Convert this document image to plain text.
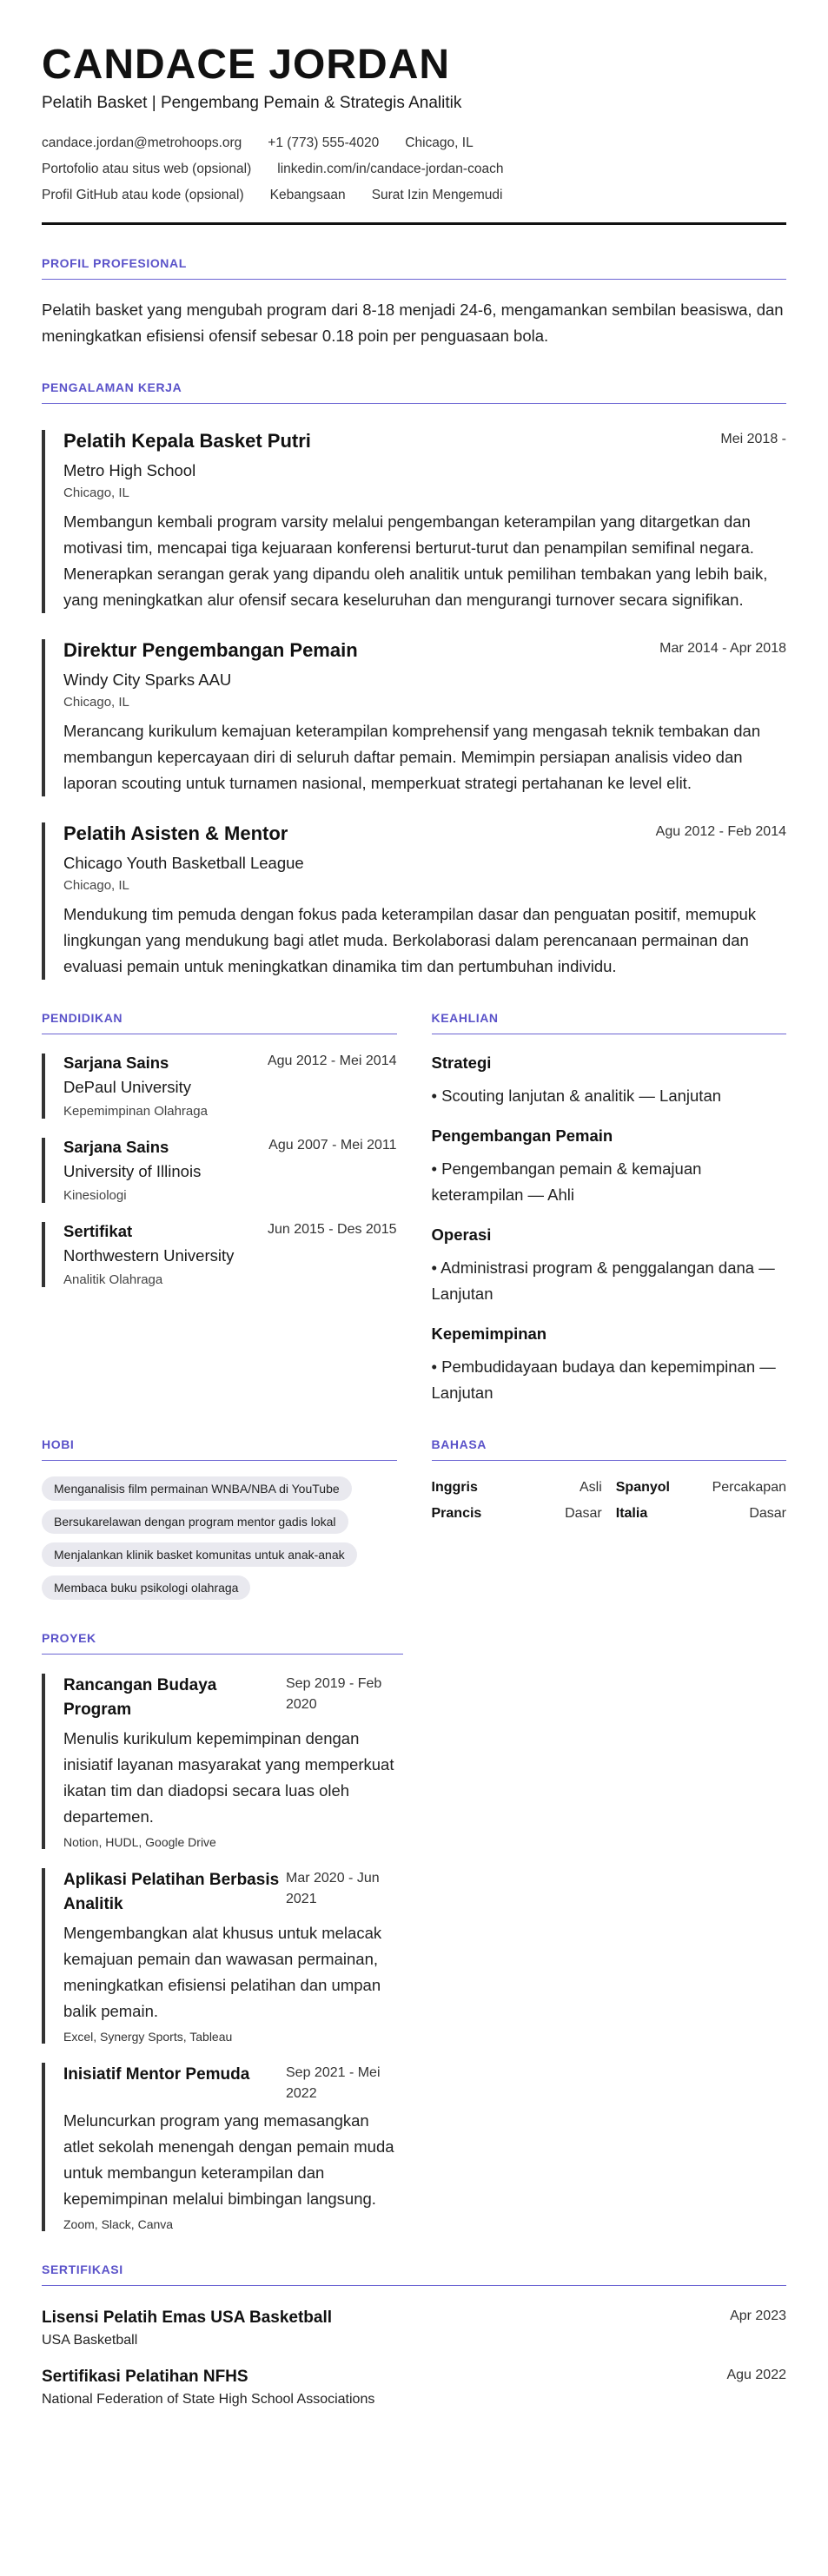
CANDACE JORDAN
Pelatih Basket | Pengembang Pemain & Strategis Analitik
candace.jordan@metrohoops.org +1 (773) 555-4020 Chicago, IL
Portofolio atau situs web (opsional) linkedin.com/in/candace-jordan-coach
Profil GitHub atau kode (opsional) Kebangsaan Surat Izin Mengemudi
PROFIL PROFESIONAL

Pelatih basket yang mengubah program dari 8-18 menjadi 24-6, mengamankan sembilan beasiswa, dan meningkatkan efisiensi ofensif sebesar 0.18 poin per penguasaan bola.

PENGALAMAN KERJA
Pelatih Kepala Basket Putri	Mei 2018 -
Metro High School
Chicago, IL

Membangun kembali program varsity melalui pengembangan keterampilan yang ditargetkan dan motivasi tim, mencapai tiga kejuaraan konferensi berturut-turut dan penampilan semifinal negara. Menerapkan serangan gerak yang dipandu oleh analitik untuk pemilihan tembakan yang lebih baik, yang meningkatkan alur ofensif secara keseluruhan dan mengurangi turnover secara signifikan.

Direktur Pengembangan Pemain	Mar 2014 - Apr 2018
Windy City Sparks AAU
Chicago, IL

Merancang kurikulum kemajuan keterampilan komprehensif yang mengasah teknik tembakan dan membangun kepercayaan diri di seluruh daftar pemain. Memimpin persiapan analisis video dan laporan scouting untuk turnamen nasional, memperkuat strategi pertahanan ke level elit.

Pelatih Asisten & Mentor	Agu 2012 - Feb 2014
Chicago Youth Basketball League
Chicago, IL

Mendukung tim pemuda dengan fokus pada keterampilan dasar dan penguatan positif, memupuk lingkungan yang mendukung bagi atlet muda. Berkolaborasi dalam perencanaan permainan dan evaluasi pemain untuk meningkatkan dinamika tim dan pertumbuhan individu.

PENDIDIKAN
Sarjana Sains	Agu 2012 - Mei 2014
DePaul University
Kepemimpinan Olahraga
Sarjana Sains	Agu 2007 - Mei 2011
University of Illinois
Kinesiologi
Sertifikat	Jun 2015 - Des 2015
Northwestern University
Analitik Olahraga
KEAHLIAN
Strategi
• Scouting lanjutan & analitik — Lanjutan
Pengembangan Pemain
• Pengembangan pemain & kemajuan keterampilan — Ahli
Operasi
• Administrasi program & penggalangan dana — Lanjutan
Kepemimpinan
• Pembudidayaan budaya dan kepemimpinan — Lanjutan
HOBI
Menganalisis film permainan WNBA/NBA di YouTube
Bersukarelawan dengan program mentor gadis lokal
Menjalankan klinik basket komunitas untuk anak-anak
Membaca buku psikologi olahraga
BAHASA
Inggris	Asli Spanyol	Percakapan
Prancis	Dasar Italia	Dasar
PROYEK
Rancangan Budaya Program
Sep 2019 - Feb 2020

Menulis kurikulum kepemimpinan dengan inisiatif layanan masyarakat yang memperkuat ikatan tim dan diadopsi secara luas oleh departemen.

Notion, HUDL, Google Drive
Aplikasi Pelatihan Berbasis Analitik
Mar 2020 - Jun 2021

Mengembangkan alat khusus untuk melacak kemajuan pemain dan wawasan permainan, meningkatkan efisiensi pelatihan dan umpan balik pemain.

Excel, Synergy Sports, Tableau
Inisiatif Mentor Pemuda	Sep 2021 - Mei 2022

Meluncurkan program yang memasangkan atlet sekolah menengah dengan pemain muda untuk membangun keterampilan dan kepemimpinan melalui bimbingan langsung.

Zoom, Slack, Canva
SERTIFIKASI
Lisensi Pelatih Emas USA Basketball	Apr 2023
USA Basketball
Sertifikasi Pelatihan NFHS	Agu 2022
National Federation of State High School Associations
